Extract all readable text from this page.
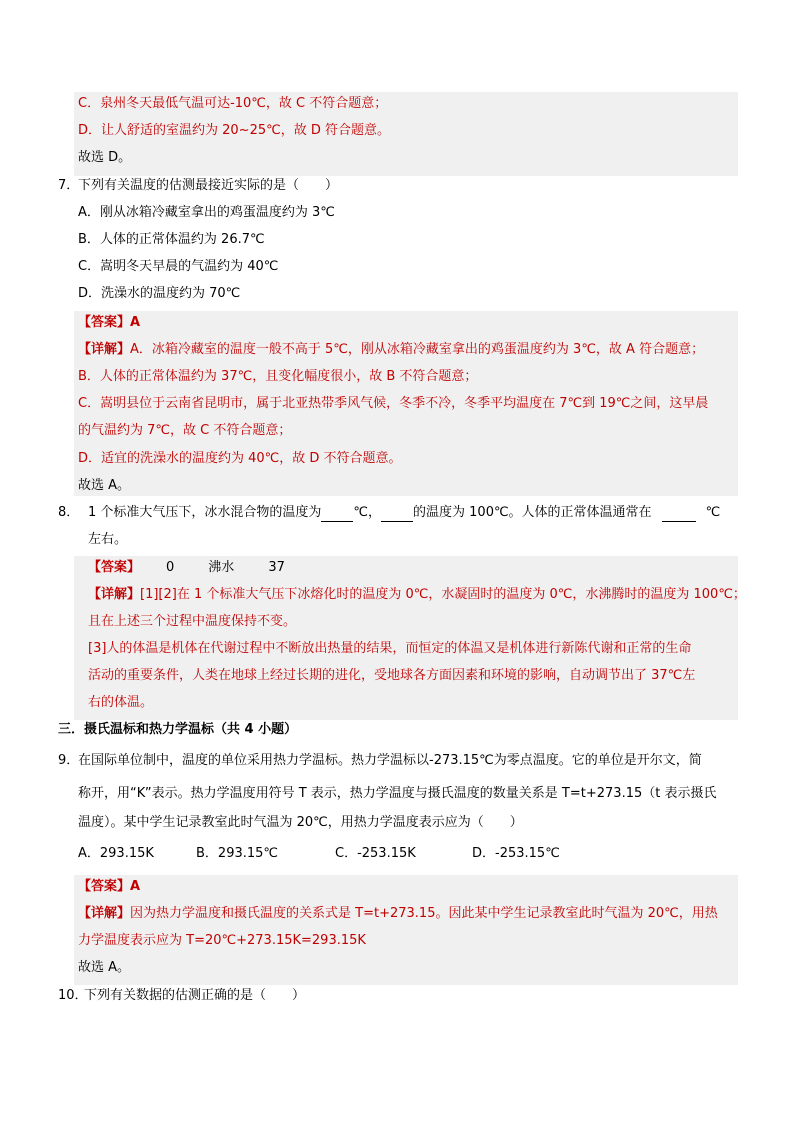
C．泉州冬天最低气温可达-10℃，故 C 不符合题意；
D．让人舒适的室温约为 20~25℃，故 D 符合题意。
故选 D。
7．
下列有关温度的估测最接近实际的是（　　）
A．刚从冰箱冷藏室拿出的鸡蛋温度约为 3℃
B．人体的正常体温约为 26.7℃
C．嵩明冬天早晨的气温约为 40℃
D．洗澡水的温度约为 70℃
【答案】A
【详解】A．冰箱冷藏室的温度一般不高于 5℃，刚从冰箱冷藏室拿出的鸡蛋温度约为 3℃，故 A 符合题意；
B．人体的正常体温约为 37℃，且变化幅度很小，故 B 不符合题意；
C．嵩明县位于云南省昆明市，属于北亚热带季风气候，冬季不冷，冬季平均温度在 7℃到 19℃之间，这早晨
的气温约为 7℃，故 C 不符合题意；
D．适宜的洗澡水的温度约为 40℃，故 D 不符合题意。
故选 A。
8． 1 个标准大气压下，冰水混合物的温度为 ℃， 的温度为 100℃。人体的正常体温通常在	℃
左右。
【答案】 0	沸水	37
【详解】[1][2]在 1 个标准大气压下冰熔化时的温度为 0℃，水凝固时的温度为 0℃，水沸腾时的温度为 100℃；
且在上述三个过程中温度保持不变。
[3]人的体温是机体在代谢过程中不断放出热量的结果，而恒定的体温又是机体进行新陈代谢和正常的生命
活动的重要条件，人类在地球上经过长期的进化，受地球各方面因素和环境的影响，自动调节出了 37℃左
右的体温。
三．摄氏温标和热力学温标（共 4 小题）
9．
在国际单位制中，温度的单位采用热力学温标。热力学温标以-273.15℃为零点温度。它的单位是开尔文，简
称开，用“K”表示。热力学温度用符号 T 表示，热力学温度与摄氏温度的数量关系是 T=t+273.15（t 表示摄氏
温度）。某中学生记录教室此时气温为 20℃，用热力学温度表示应为（　　）
A．293.15K	B．293.15℃	C．-253.15K	D．-253.15℃
【答案】A
【详解】因为热力学温度和摄氏温度的关系式是 T=t+273.15。因此某中学生记录教室此时气温为 20℃，用热
力学温度表示应为 T=20℃+273.15K=293.15K
故选 A。
10．
下列有关数据的估测正确的是（　　）
